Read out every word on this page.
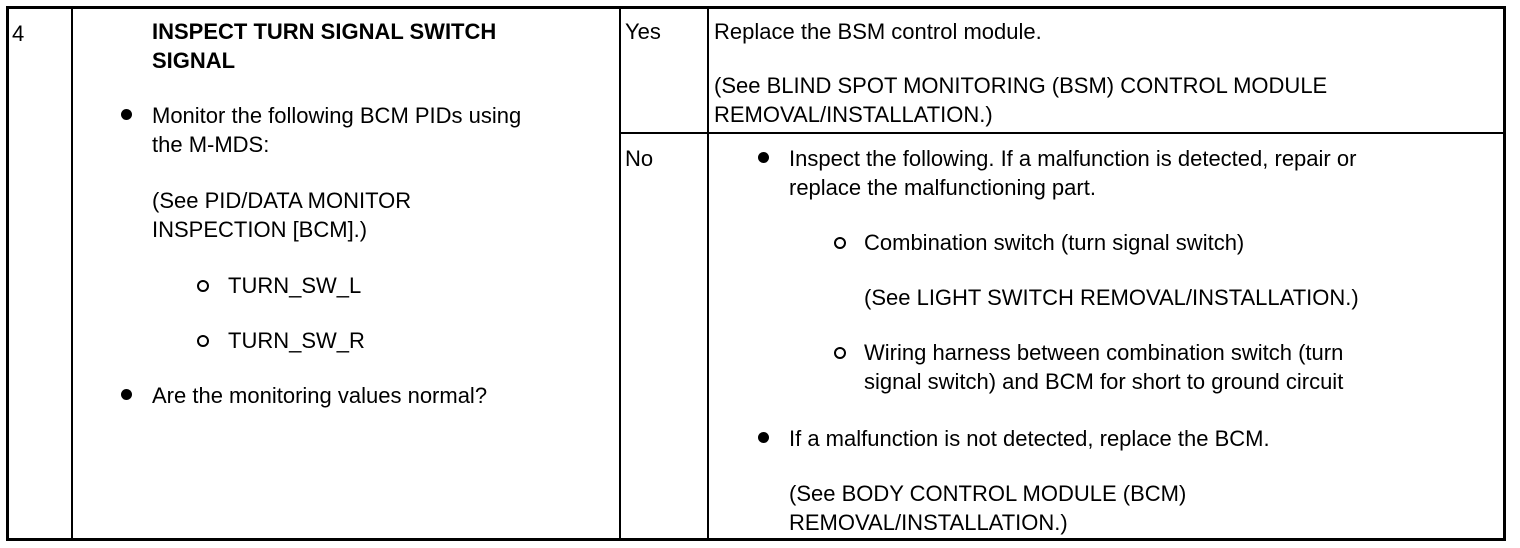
4	INSPECT TURN SIGNAL SWITCH
SIGNAL
Monitor the following BCM PIDs using
the M-MDS:
(See PID/DATA MONITOR
INSPECTION [BCM].)
TURN_SW_L
TURN_SW_R
Are the monitoring values normal?
Yes Replace the BSM control module.
(See BLIND SPOT MONITORING (BSM) CONTROL MODULE
REMOVAL/INSTALLATION.)
No	Inspect the following. If a malfunction is detected, repair or
replace the malfunctioning part.
Combination switch (turn signal switch)
(See LIGHT SWITCH REMOVAL/INSTALLATION.)
Wiring harness between combination switch (turn
signal switch) and BCM for short to ground circuit
If a malfunction is not detected, replace the BCM.
(See BODY CONTROL MODULE (BCM)
REMOVAL/INSTALLATION.)
